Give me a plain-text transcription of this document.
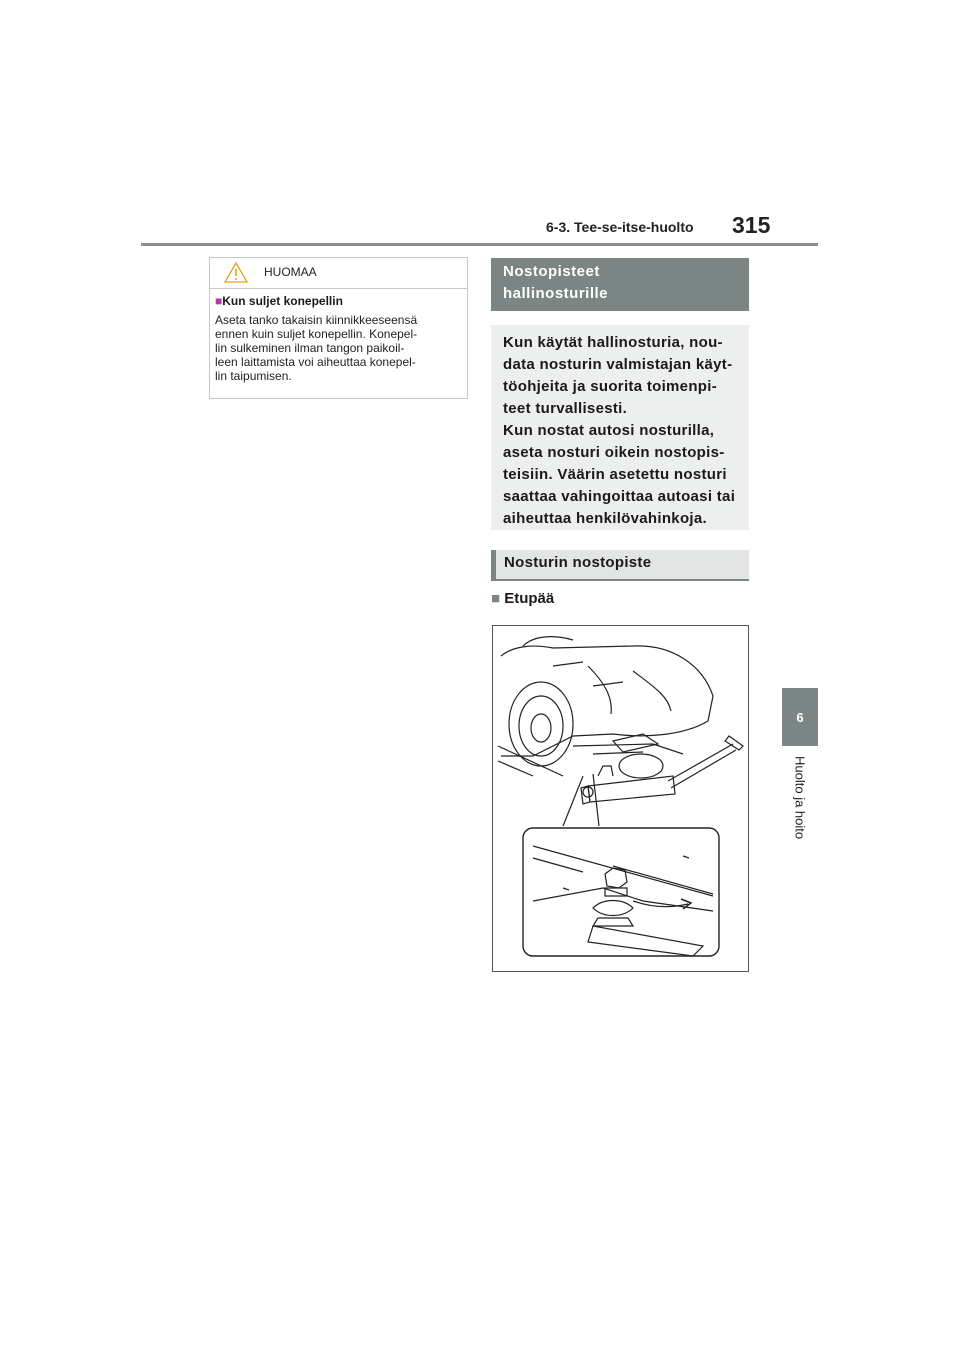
6-3. Tee-se-itse-huolto 315
6
Huolto ja hoito
HUOMAA
■Kun suljet konepellin
Aseta tanko takaisin kiinnikkeeseensä
ennen kuin suljet konepellin. Konepel-
lin sulkeminen ilman tangon paikoil-
leen laittamista voi aiheuttaa konepel-
lin taipumisen.
Nostopisteet
hallinosturille
Kun käytät hallinosturia, nou-
data nosturin valmistajan käyt-
töohjeita ja suorita toimenpi-
teet turvallisesti.
Kun nostat autosi nosturilla,
aseta nosturi oikein nostopis-
teisiin. Väärin asetettu nosturi
saattaa vahingoittaa autoasi tai
aiheuttaa henkilövahinkoja.
Nosturin nostopiste
■ Etupää
